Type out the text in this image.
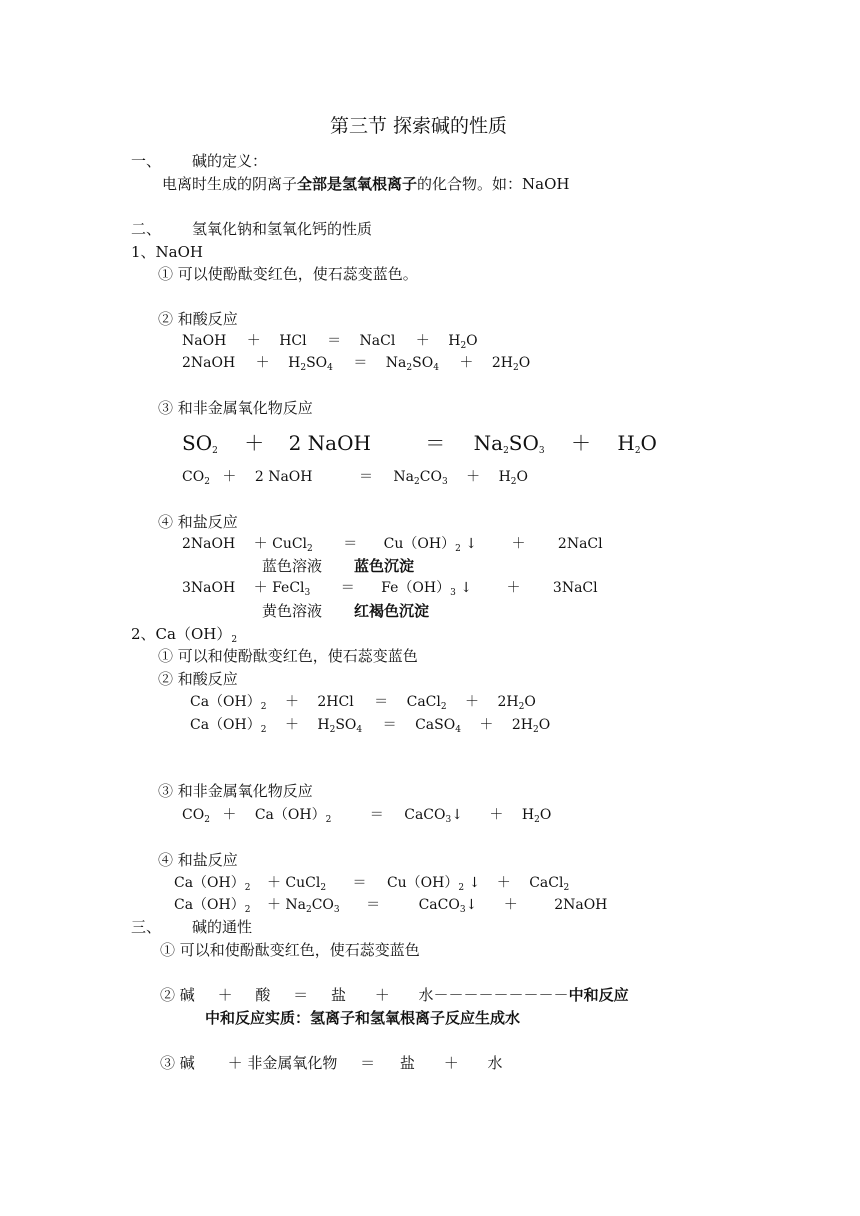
第三节 探索碱的性质
一、 碱的定义：
电离时生成的阴离子全部是氢氧根离子的化合物。如：NaOH
二、 氢氧化钠和氢氧化钙的性质
1、NaOH
① 可以使酚酞变红色，使石蕊变蓝色。
② 和酸反应
NaOH ＋ HCl ＝ NaCl ＋ H2O
2NaOH ＋ H2SO4 ＝ Na2SO4 ＋ 2H2O
③ 和非金属氧化物反应
SO2 ＋ 2 NaOH	＝ Na2SO3 ＋ H2O
CO2 ＋ 2 NaOH	＝ Na2CO3 ＋ H2O
④ 和盐反应
2NaOH ＋ CuCl2 ＝ Cu（OH）2 ↓ ＋ 2NaCl
蓝色溶液 蓝色沉淀
3NaOH ＋ FeCl3 ＝ Fe（OH）3 ↓ ＋ 3NaCl
黄色溶液 红褐色沉淀
2、$Ca(OH)_2$
① 可以和使酚酞变红色，使石蕊变蓝色
② 和酸反应
Ca（OH）2 ＋ 2HCl ＝ CaCl2 ＋ 2H2O
Ca（OH）2 ＋ H2SO4 ＝ CaSO4 ＋ 2H2O
③ 和非金属氧化物反应
CO2 ＋ Ca（OH）2	＝ CaCO3↓ ＋ H2O
④ 和盐反应
Ca（OH）2 ＋ CuCl2 ＝ Cu（OH）2 ↓ ＋ CaCl2
Ca（OH）2 ＋ Na2CO3 ＝	CaCO3↓ ＋	2NaOH
三、 碱的通性
① 可以和使酚酞变红色，使石蕊变蓝色
② 碱 ＋ 酸 ＝ 盐 ＋ 水－－－－－－－－－中和反应
中和反应实质：氢离子和氢氧根离子反应生成水
③ 碱 ＋ 非金属氧化物 ＝ 盐 ＋ 水
